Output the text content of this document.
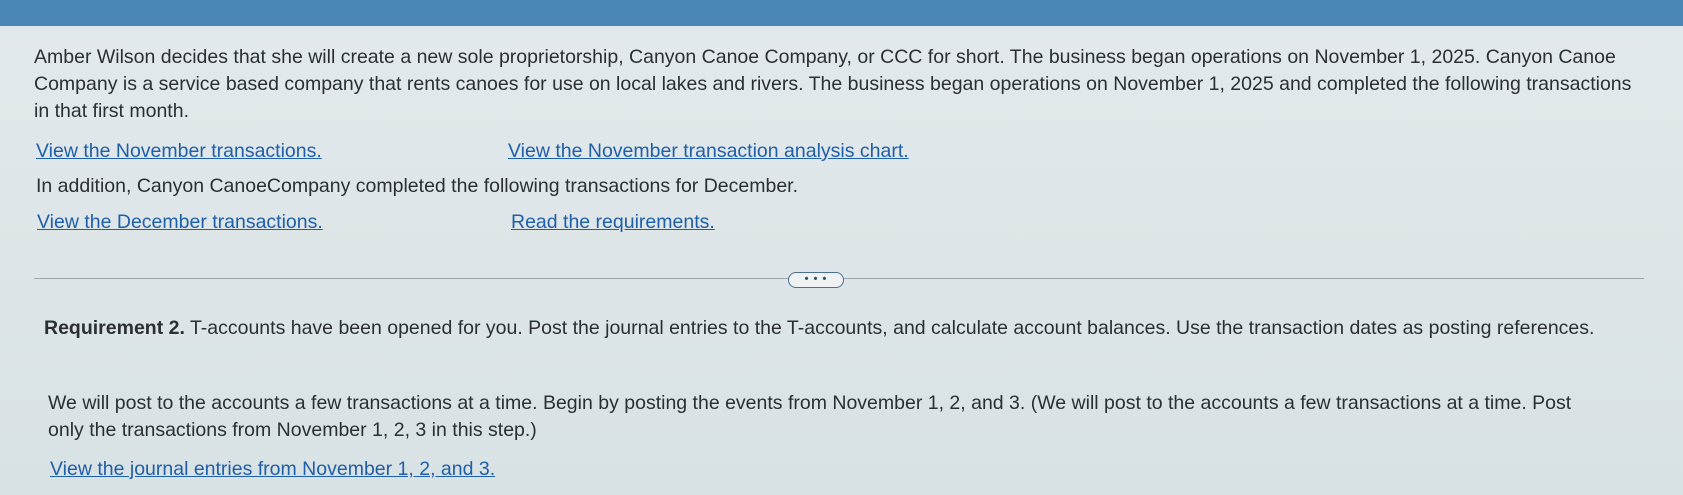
Amber Wilson decides that she will create a new sole proprietorship, Canyon Canoe Company, or CCC for short. The business began operations on November 1, 2025. Canyon Canoe Company is a service based company that rents canoes for use on local lakes and rivers. The business began operations on November 1, 2025 and completed the following transactions in that first month.
View the November transactions.	View the November transaction analysis chart.
In addition, Canyon CanoeCompany completed the following transactions for December.
View the December transactions.	Read the requirements.
• • •
Requirement 2. T-accounts have been opened for you. Post the journal entries to the T-accounts, and calculate account balances. Use the transaction dates as posting references.
We will post to the accounts a few transactions at a time. Begin by posting the events from November 1, 2, and 3. (We will post to the accounts a few transactions at a time. Post only the transactions from November 1, 2, 3 in this step.)
View the journal entries from November 1, 2, and 3.
